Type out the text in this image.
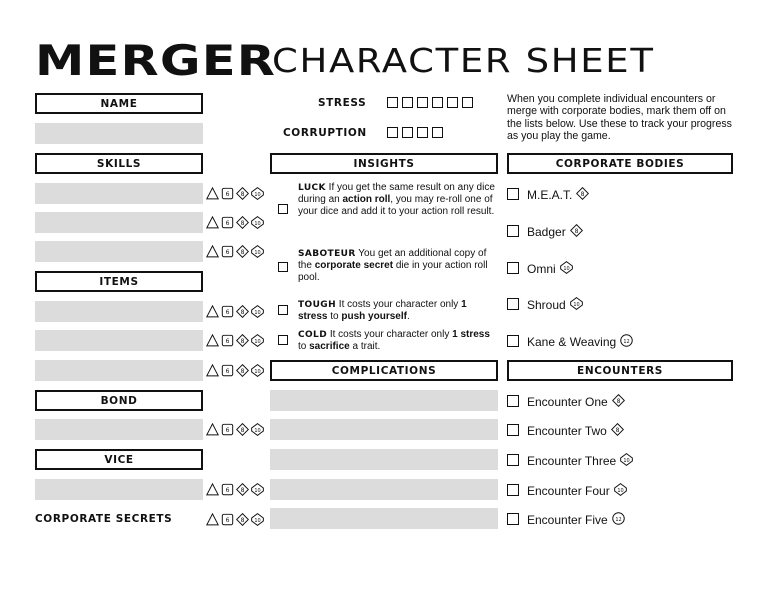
MERGER
CHARACTER SHEET
NAME
SKILLS
6 8 10
6 8 10
6 8 10
ITEMS
6 8 10
6 8 10
6 8 10
BOND
6 8 10
VICE
6 8 10
CORPORATE SECRETS	6 8 10
STRESS
CORRUPTION
INSIGHTS
LUCK If you get the same result on any dice during an action roll, you may re-roll one of your dice and add it to your action roll result.
SABOTEUR You get an additional copy of the corporate secret die in your action roll pool.
TOUGH It costs your character only 1 stress to push yourself.
COLD It costs your character only 1 stress to sacrifice a trait.
COMPLICATIONS
When you complete individual encounters or merge with corporate bodies, mark them off on the lists below. Use these to track your progress as you play the game.
CORPORATE BODIES
M.E.A.T. 8
Badger 8
Omni 10
Shroud 10
Kane & Weaving 12
ENCOUNTERS
Encounter One 8
Encounter Two 8
Encounter Three 10
Encounter Four 10
Encounter Five 12
